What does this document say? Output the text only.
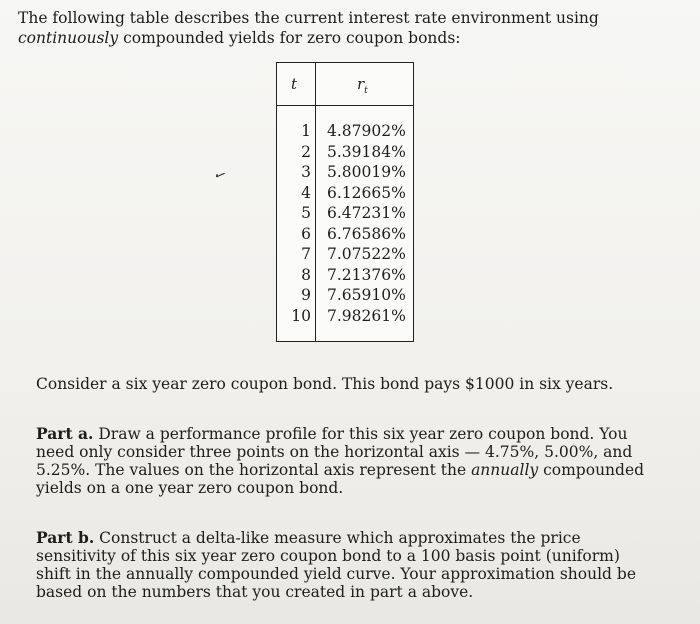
The following table describes the current interest rate environment using continuously compounded yields for zero coupon bonds:
t	$r_t$
1 4.87902%
2 5.39184%
3 5.80019%
4 6.12665%
5 6.47231%
6 6.76586%
7 7.07522%
8 7.21376%
9 7.65910%
10 7.98261%
✓
Consider a six year zero coupon bond. This bond pays $1000 in six years.
Part a. Draw a performance profile for this six year zero coupon bond. You need only consider three points on the horizontal axis — 4.75%, 5.00%, and 5.25%. The values on the horizontal axis represent the annually compounded yields on a one year zero coupon bond.
Part b. Construct a delta-like measure which approximates the price sensitivity of this six year zero coupon bond to a 100 basis point (uniform) shift in the annually compounded yield curve. Your approximation should be based on the numbers that you created in part a above.
